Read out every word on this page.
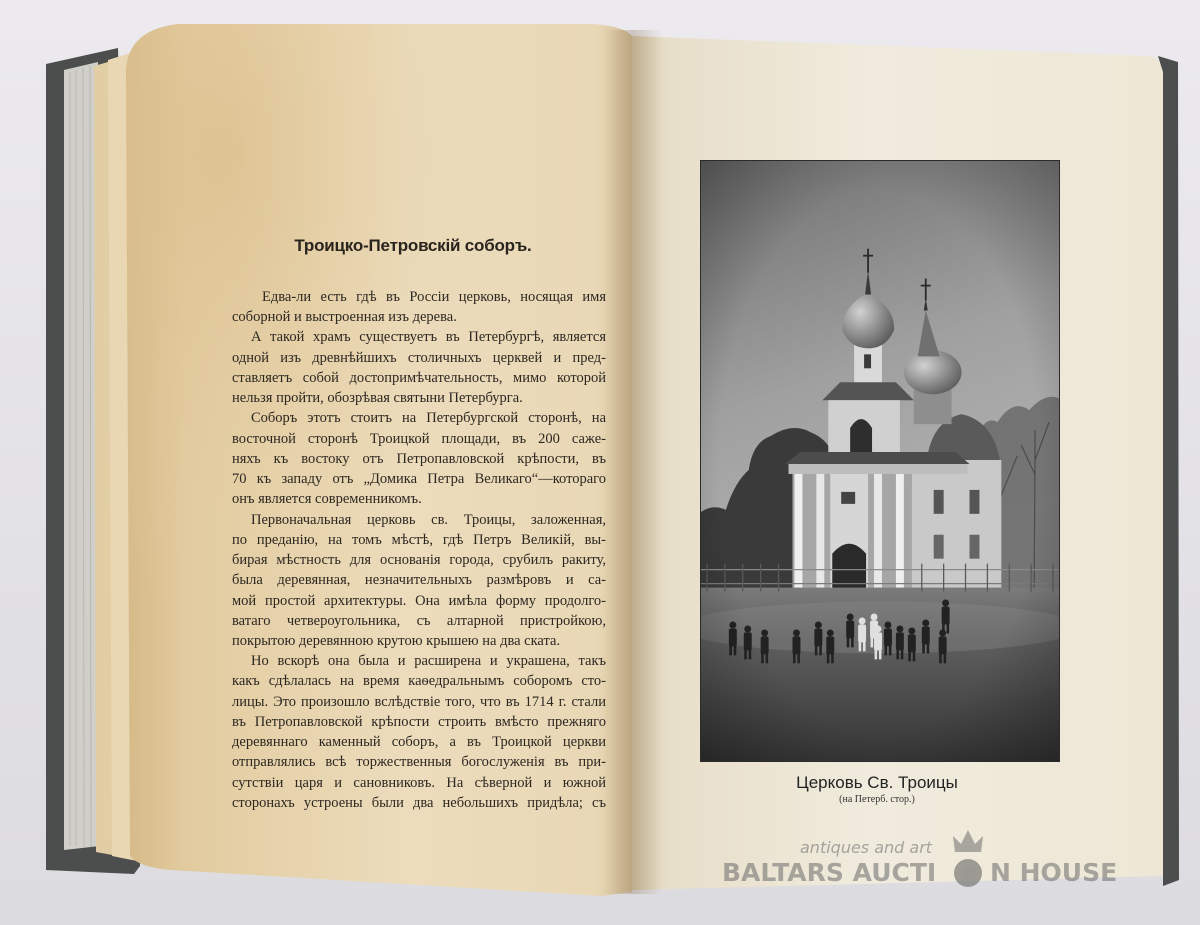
Троицко-Петровскій соборъ.
Едва-ли есть гдѣ въ Россіи церковь, носящая имя
соборной и выстроенная изъ дерева.
А такой храмъ существуетъ въ Петербургѣ, является
одной изъ древнѣйшихъ столичныхъ церквей и пред-
ставляетъ собой достопримѣчательность, мимо которой
нельзя пройти, обозрѣвая святыни Петербурга.
Соборъ этотъ стоитъ на Петербургской сторонѣ, на
восточной сторонѣ Троицкой площади, въ 200 саже-
няхъ къ востоку отъ Петропавловской крѣпости, въ
70 къ западу отъ „Домика Петра Великаго“—котораго
онъ является современникомъ.
Первоначальная церковь св. Троицы, заложенная,
по преданію, на томъ мѣстѣ, гдѣ Петръ Великій, вы-
бирая мѣстность для основанія города, срубилъ ракиту,
была деревянная, незначительныхъ размѣровъ и са-
мой простой архитектуры. Она имѣла форму продолго-
ватаго четвероугольника, съ алтарной пристройкою,
покрытою деревянною крутою крышею на два ската.
Но вскорѣ она была и расширена и украшена, такъ
какъ сдѣлалась на время каѳедральнымъ соборомъ сто-
лицы. Это произошло вслѣдствіе того, что въ 1714 г. стали
въ Петропавловской крѣпости строить вмѣсто прежняго
деревяннаго каменный соборъ, а въ Троицкой церкви
отправлялись всѣ торжественныя богослуженія въ при-
сутствіи царя и сановниковъ. На сѣверной и южной
сторонахъ устроены были два небольшихъ придѣла; съ
Церковь Св. Троицы
(на Петерб. стор.)
antiques and art
BALTARS AUCTI N HOUSE
